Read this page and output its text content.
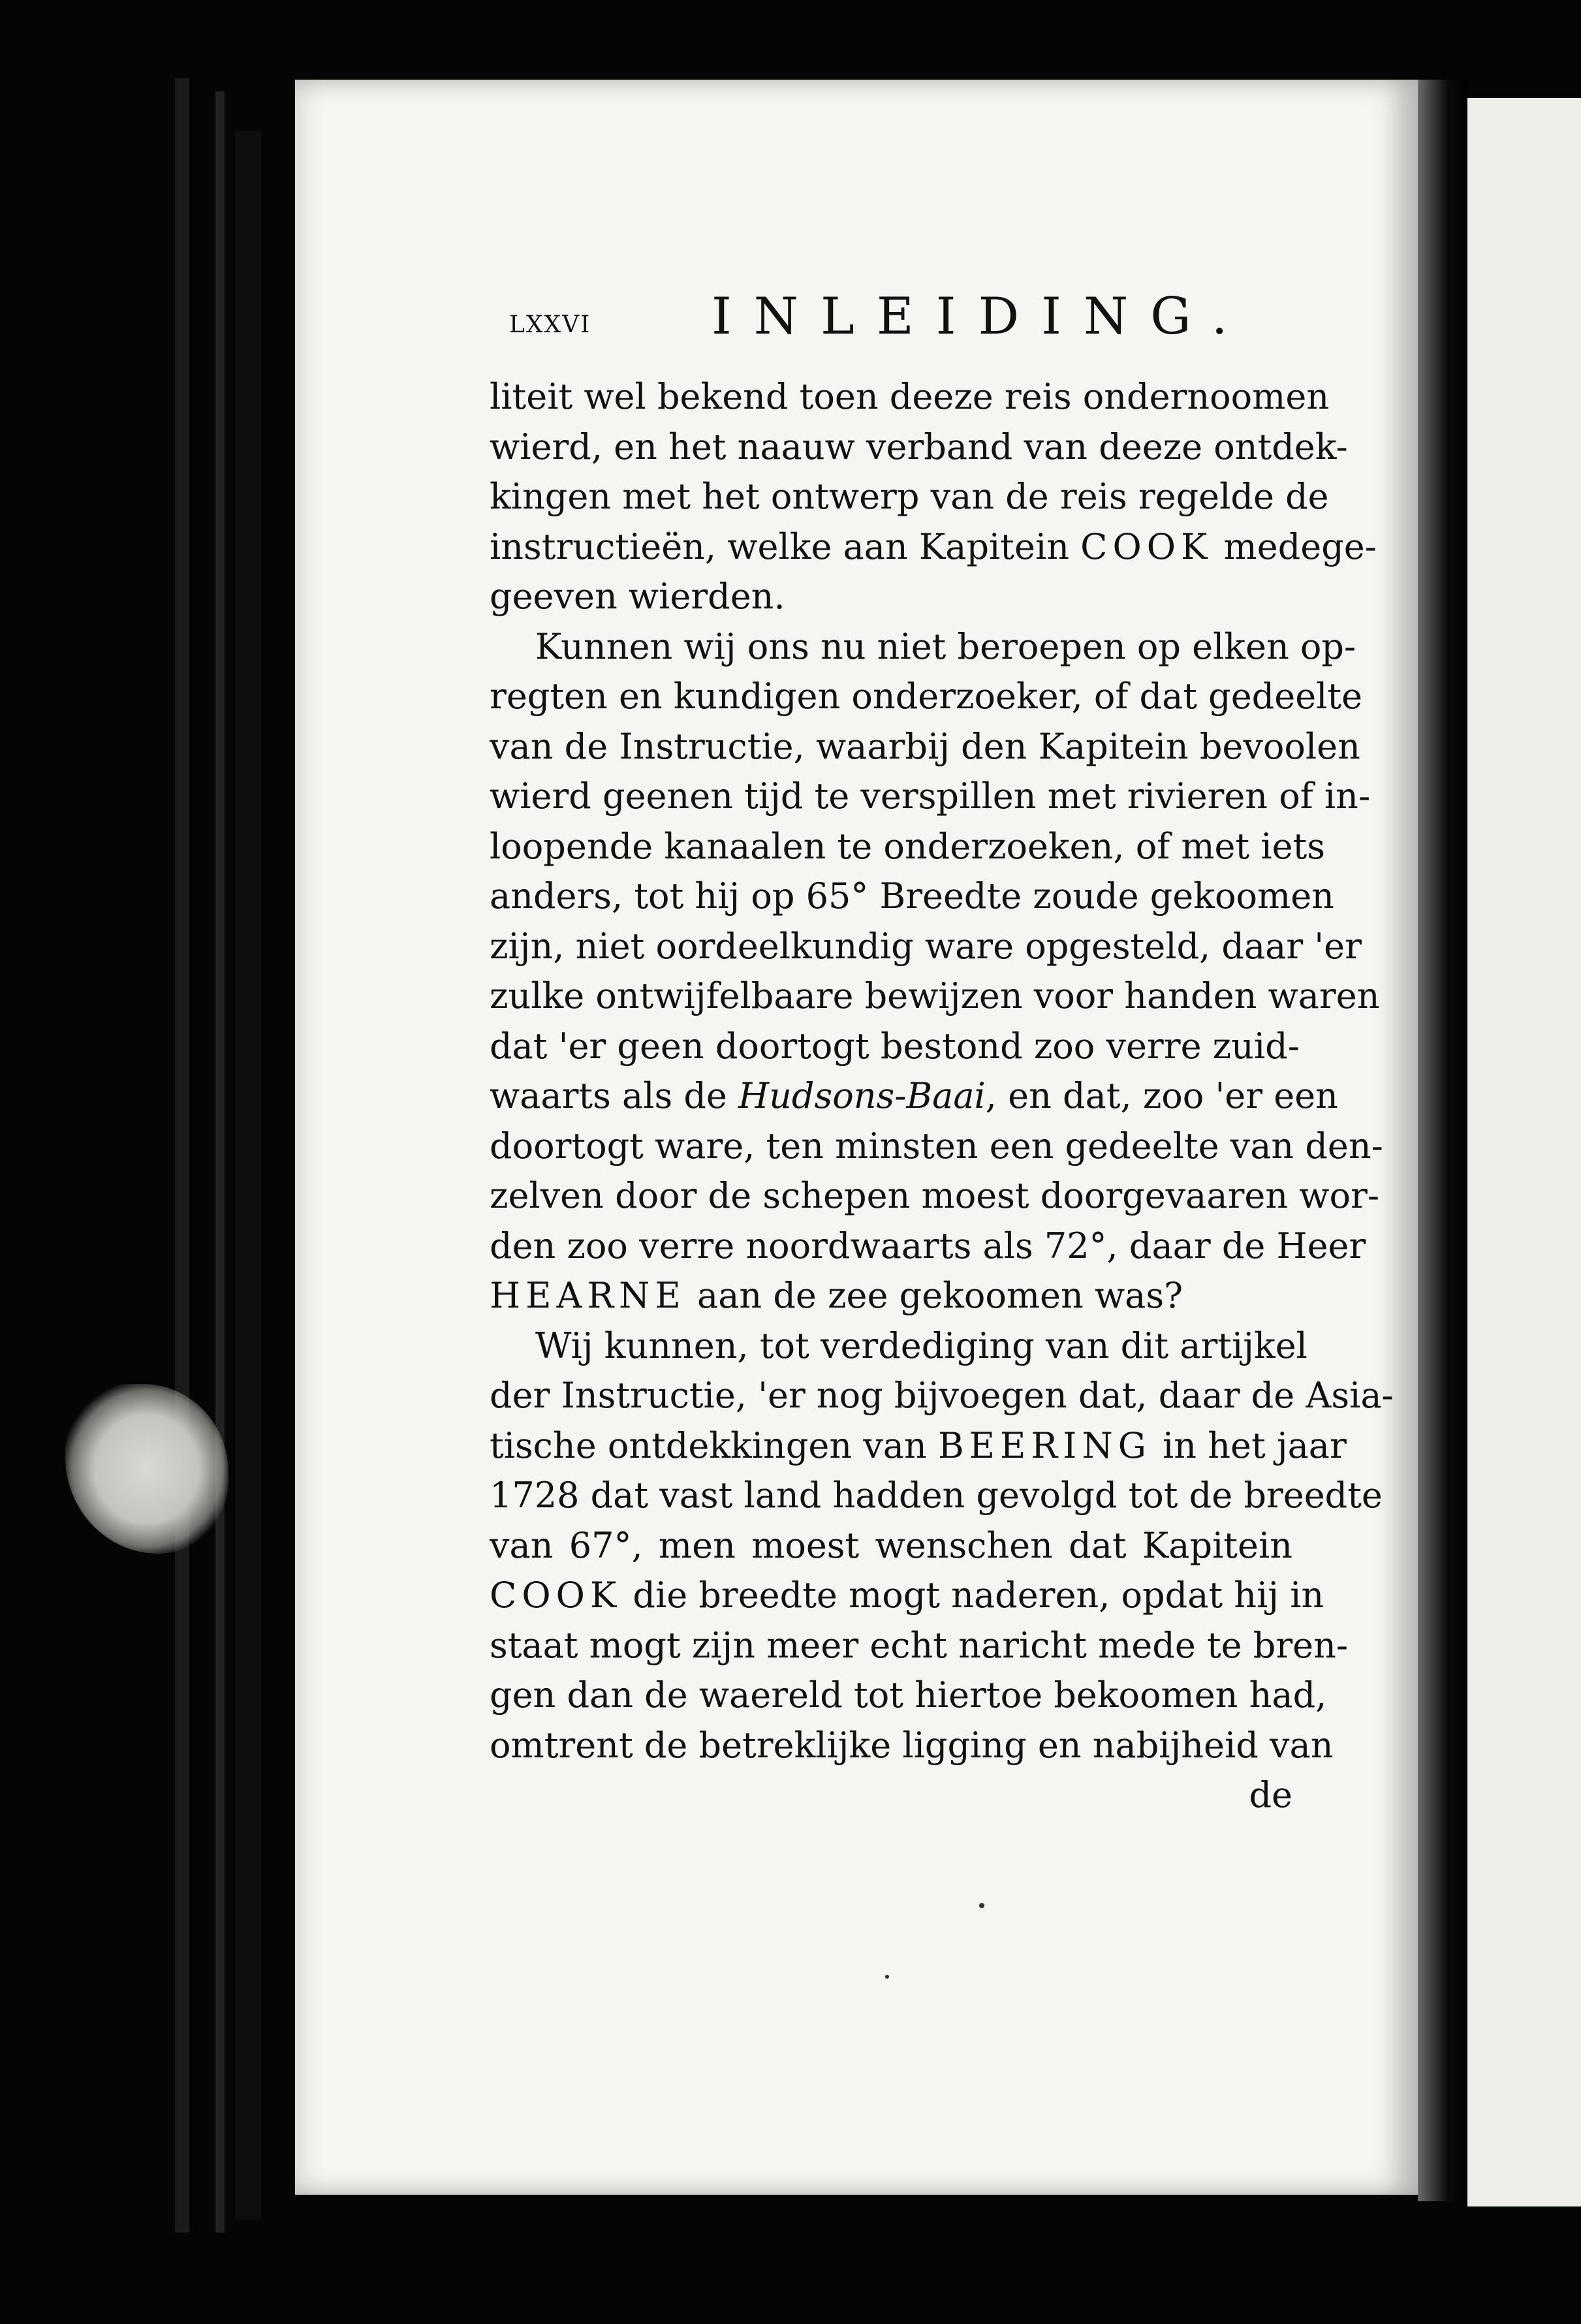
lxxvi INLEIDING.
liteit wel bekend toen deeze reis ondernoomen
wierd, en het naauw verband van deeze ontdek-
kingen met het ontwerp van de reis regelde de
instructieën, welke aan Kapitein COOK medege-
geeven wierden.
Kunnen wij ons nu niet beroepen op elken op-
regten en kundigen onderzoeker, of dat gedeelte
van de Instructie, waarbij den Kapitein bevoolen
wierd geenen tijd te verspillen met rivieren of in-
loopende kanaalen te onderzoeken, of met iets
anders, tot hij op 65° Breedte zoude gekoomen
zijn, niet oordeelkundig ware opgesteld, daar 'er
zulke ontwijfelbaare bewijzen voor handen waren
dat 'er geen doortogt bestond zoo verre zuid-
waarts als de Hudsons-Baai, en dat, zoo 'er een
doortogt ware, ten minsten een gedeelte van den-
zelven door de schepen moest doorgevaaren wor-
den zoo verre noordwaarts als 72°, daar de Heer
HEARNE aan de zee gekoomen was?
Wij kunnen, tot verdediging van dit artijkel
der Instructie, 'er nog bijvoegen dat, daar de Asia-
tische ontdekkingen van BEERING in het jaar
1728 dat vast land hadden gevolgd tot de breedte
van 67°, men moest wenschen dat Kapitein
COOK die breedte mogt naderen, opdat hij in
staat mogt zijn meer echt naricht mede te bren-
gen dan de waereld tot hiertoe bekoomen had,
omtrent de betreklijke ligging en nabijheid van
de
